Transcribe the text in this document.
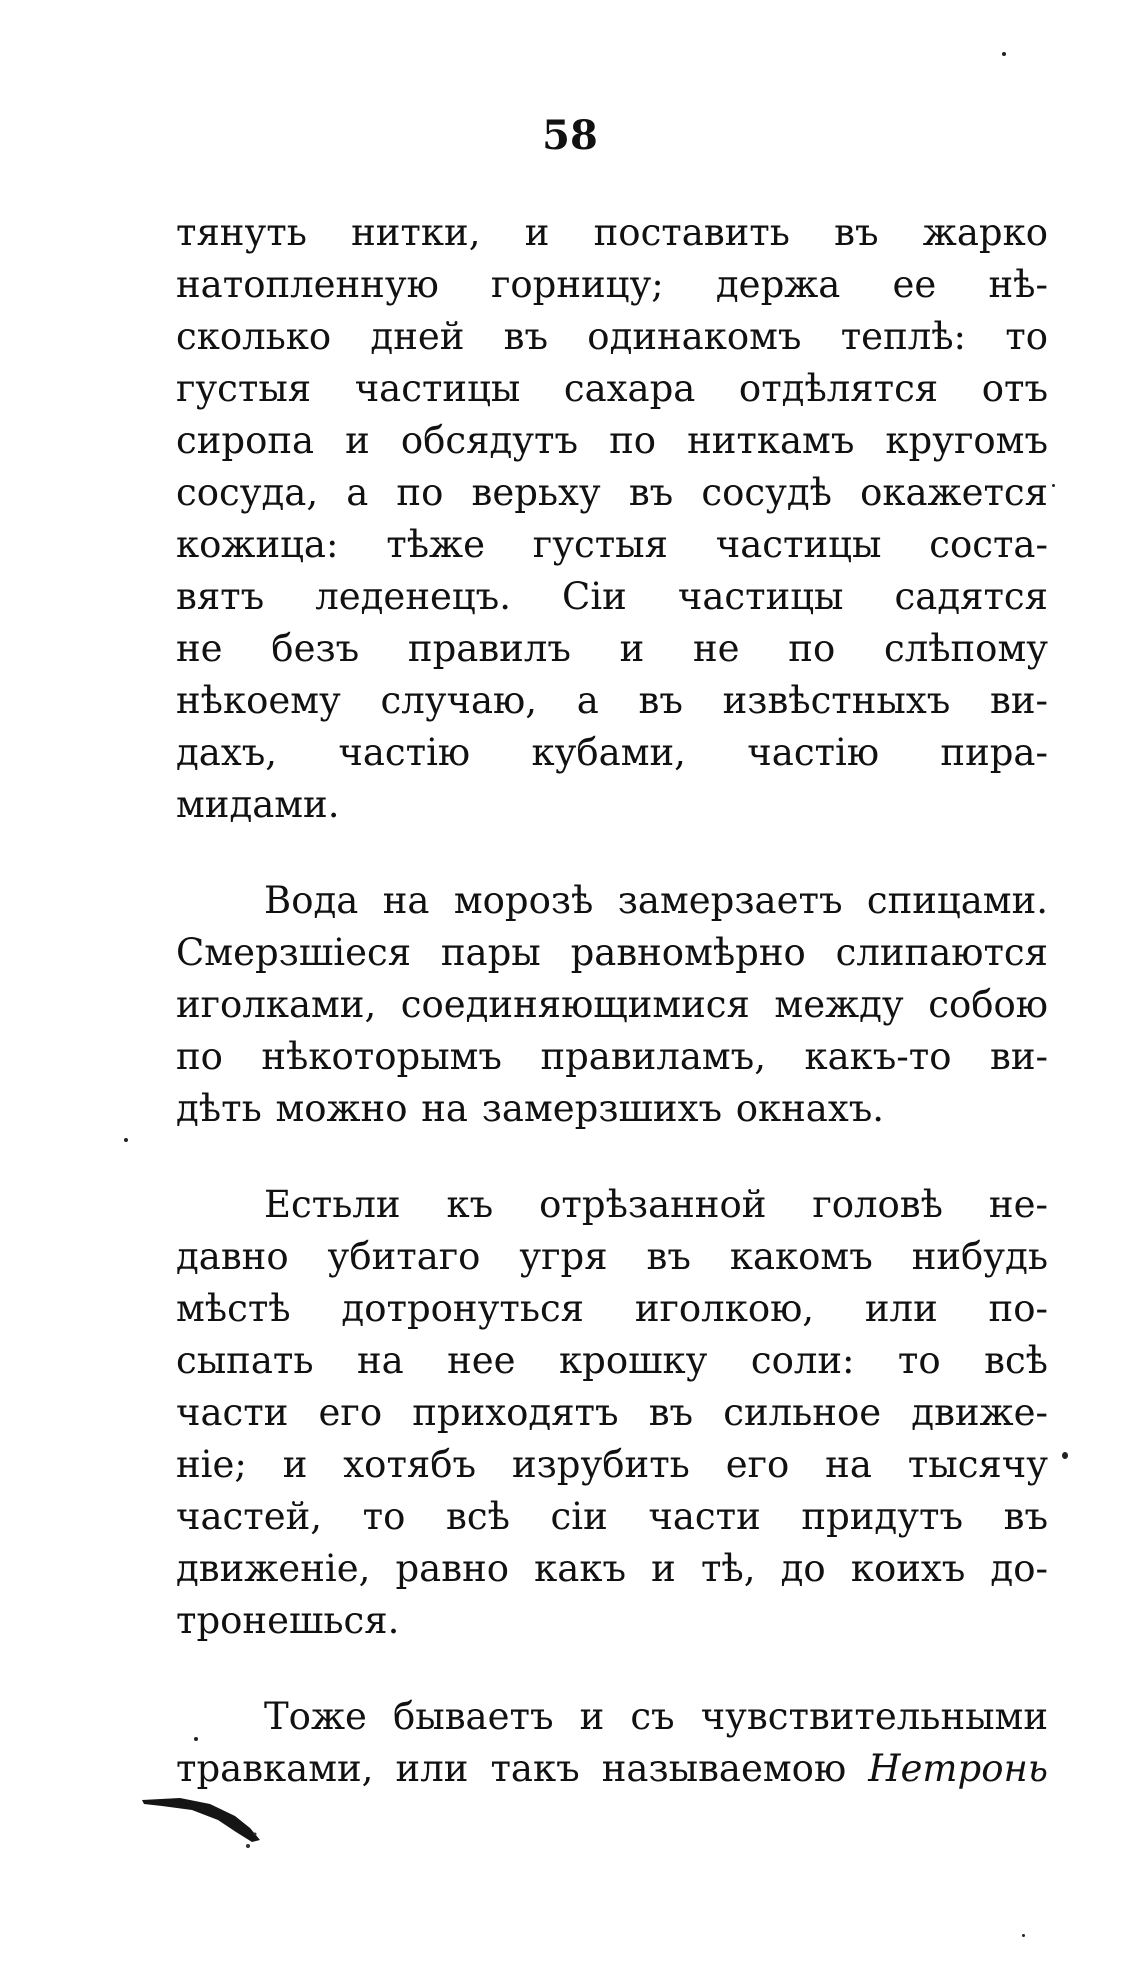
58
тянуть нитки, и поставить въ жарко
натопленную горницу; держа ее нѣ-
сколько дней въ одинакомъ теплѣ: то
густыя частицы сахара отдѣлятся отъ
сиропа и обсядутъ по ниткамъ кругомъ
сосуда, а по верьху въ сосудѣ окажется
кожица: тѣже густыя частицы соста-
вятъ леденецъ. Сіи частицы садятся
не безъ правилъ и не по слѣпому
нѣкоему случаю, а въ извѣстныхъ ви-
дахъ, частію кубами, частію пира-
мидами.
Вода на морозѣ замерзаетъ спицами.
Смерзшіеся пары равномѣрно слипаются
иголками, соединяющимися между собою
по нѣкоторымъ правиламъ, какъ-то ви-
дѣть можно на замерзшихъ окнахъ.
Естьли къ отрѣзанной головѣ не-
давно убитаго угря въ какомъ нибудь
мѣстѣ дотронуться иголкою, или по-
сыпать на нее крошку соли: то всѣ
части его приходятъ въ сильное движе-
ніе; и хотябъ изрубить его на тысячу
частей, то всѣ сіи части придутъ въ
движеніе, равно какъ и тѣ, до коихъ до-
тронешься.
Тоже бываетъ и съ чувствительными
травками, или такъ называемою Нетронь
